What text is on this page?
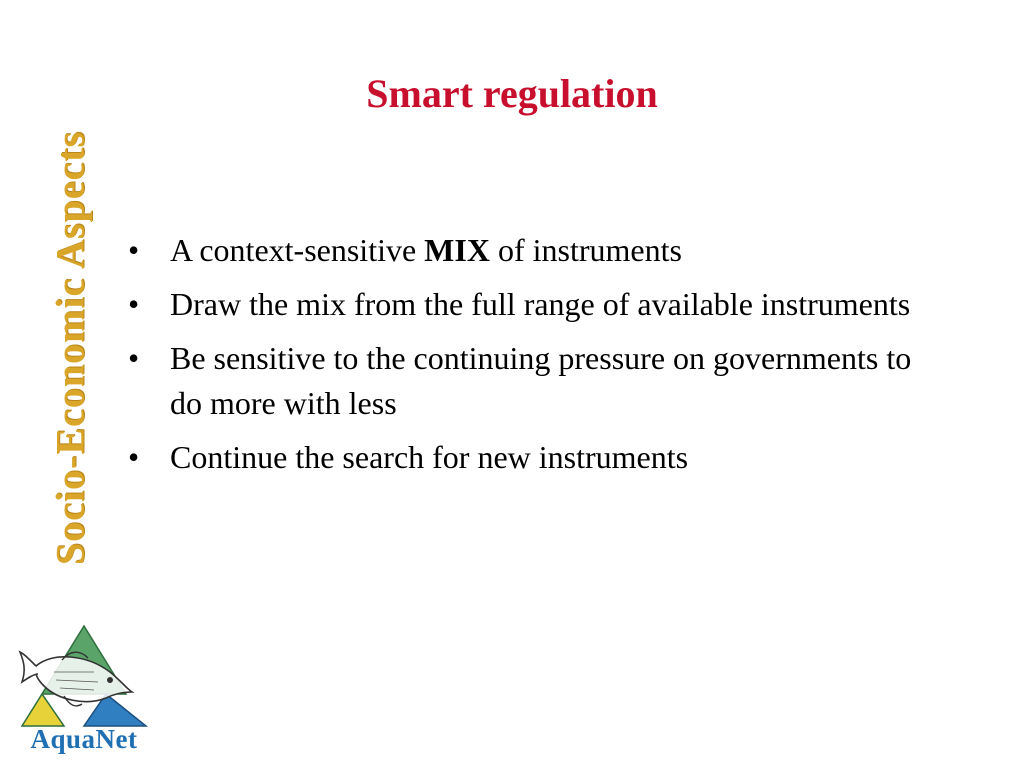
Socio-Economic Aspects
Smart regulation
• A context-sensitive MIX of instruments
• Draw the mix from the full range of available instruments
• Be sensitive to the continuing pressure on governments to do more with less
• Continue the search for new instruments
AquaNet
